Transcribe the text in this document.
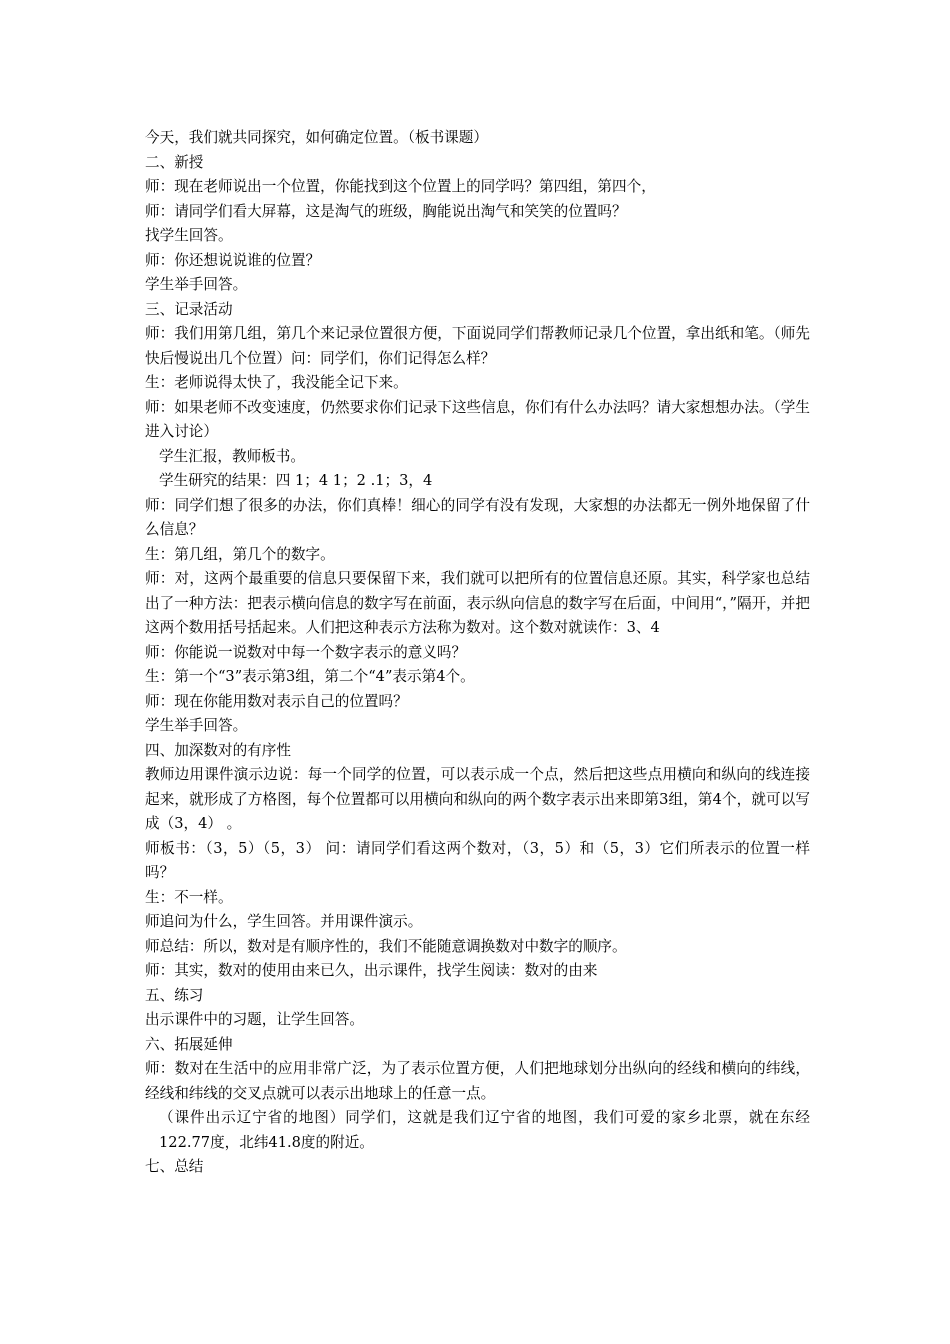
今天，我们就共同探究，如何确定位置。（板书课题）

二、新授

师：现在老师说出一个位置，你能找到这个位置上的同学吗？第四组，第四个，

师：请同学们看大屏幕，这是淘气的班级，胸能说出淘气和笑笑的位置吗？

找学生回答。

师：你还想说说谁的位置？

学生举手回答。

三、记录活动

师：我们用第几组，第几个来记录位置很方便，下面说同学们帮教师记录几个位置，拿出纸和笔。（师先快后慢说出几个位置）问：同学们，你们记得怎么样？

生：老师说得太快了，我没能全记下来。

师：如果老师不改变速度，仍然要求你们记录下这些信息，你们有什么办法吗？请大家想想办法。（学生进入讨论）

学生汇报，教师板书。

学生研究的结果：四 1；4 1；2 .1；3，4

师：同学们想了很多的办法，你们真棒！细心的同学有没有发现，大家想的办法都无一例外地保留了什么信息？

生：第几组，第几个的数字。

师：对，这两个最重要的信息只要保留下来，我们就可以把所有的位置信息还原。其实，科学家也总结出了一种方法：把表示横向信息的数字写在前面，表示纵向信息的数字写在后面，中间用“，”隔开，并把这两个数用括号括起来。人们把这种表示方法称为数对。这个数对就读作：3、4

师：你能说一说数对中每一个数字表示的意义吗？

生：第一个“3”表示第3组，第二个“4”表示第4个。

师：现在你能用数对表示自己的位置吗？

学生举手回答。

四、加深数对的有序性

教师边用课件演示边说：每一个同学的位置，可以表示成一个点，然后把这些点用横向和纵向的线连接起来，就形成了方格图，每个位置都可以用横向和纵向的两个数字表示出来即第3组，第4个，就可以写成（3，4） 。

师板书：（3，5）（5，3） 问：请同学们看这两个数对，（3，5）和（5，3）它们所表示的位置一样吗？

生：不一样。

师追问为什么，学生回答。并用课件演示。

师总结：所以，数对是有顺序性的，我们不能随意调换数对中数字的顺序。

师：其实，数对的使用由来已久，出示课件，找学生阅读：数对的由来

五、练习

出示课件中的习题，让学生回答。

六、拓展延伸

师：数对在生活中的应用非常广泛，为了表示位置方便，人们把地球划分出纵向的经线和横向的纬线，经线和纬线的交叉点就可以表示出地球上的任意一点。

（课件出示辽宁省的地图）同学们，这就是我们辽宁省的地图，我们可爱的家乡北票，就在东经122.77度，北纬41.8度的附近。

七、总结
